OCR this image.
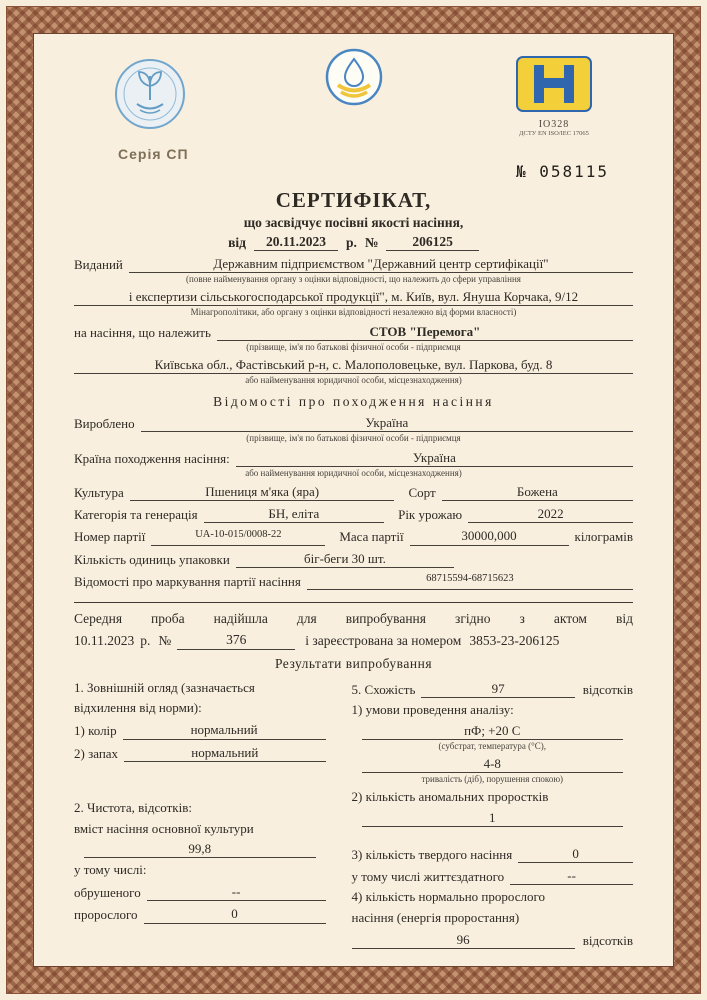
Серія СП
ІО328
ДСТУ EN ISO/IEC 17065
№ 058115
СЕРТИФІКАТ,
що засвідчує посівні якості насіння,
від	20.11.2023	р. №	206125
Виданий	Державним підприємством "Державний центр сертифікації"
(повне найменування органу з оцінки відповідності, що належить до сфери управління
і експертизи сільськогосподарської продукції", м. Київ, вул. Януша Корчака, 9/12
Мінагрополітики, або органу з оцінки відповідності незалежно від форми власності)
на насіння, що належить	СТОВ "Перемога"
(прізвище, ім'я по батькові фізичної особи - підприємця
Київська обл., Фастівський р-н, с. Малополовецьке, вул. Паркова, буд. 8
або найменування юридичної особи, місцезнаходження)
Відомості про походження насіння
Вироблено	Україна
(прізвище, ім'я по батькові фізичної особи - підприємця
Країна походження насіння:	Україна
або найменування юридичної особи, місцезнаходження)
Культура	Пшениця м'яка (яра)	Сорт	Божена
Категорія та генерація	БН, еліта	Рік урожаю	2022
Номер партії	UA-10-015/0008-22	Маса партії	30000,000	кілограмів
Кількість одиниць упаковки	біг-беги 30 шт.
Відомості про маркування партії насіння	68715594-68715623
Середня проба надійшла для випробування згідно з актом від
10.11.2023 р. №	376	і зареєстрована за номером 3853-23-206125
Результати випробування
1. Зовнішній огляд (зазначається
відхилення від норми):
1) колір	нормальний
2) запах	нормальний
2. Чистота, відсотків:
вміст насіння основної культури
99,8
у тому числі:
обрушеного	--
пророслого	0
5. Схожість	97	відсотків
1) умови проведення аналізу:
пФ; +20 С
(субстрат, температура (°С),
4-8
тривалість (діб), порушення спокою)
2) кількість аномальних проростків
1
3) кількість твердого насіння	0
у тому числі життєздатного	--
4) кількість нормально пророслого
насіння (енергія проростання)
96	відсотків
